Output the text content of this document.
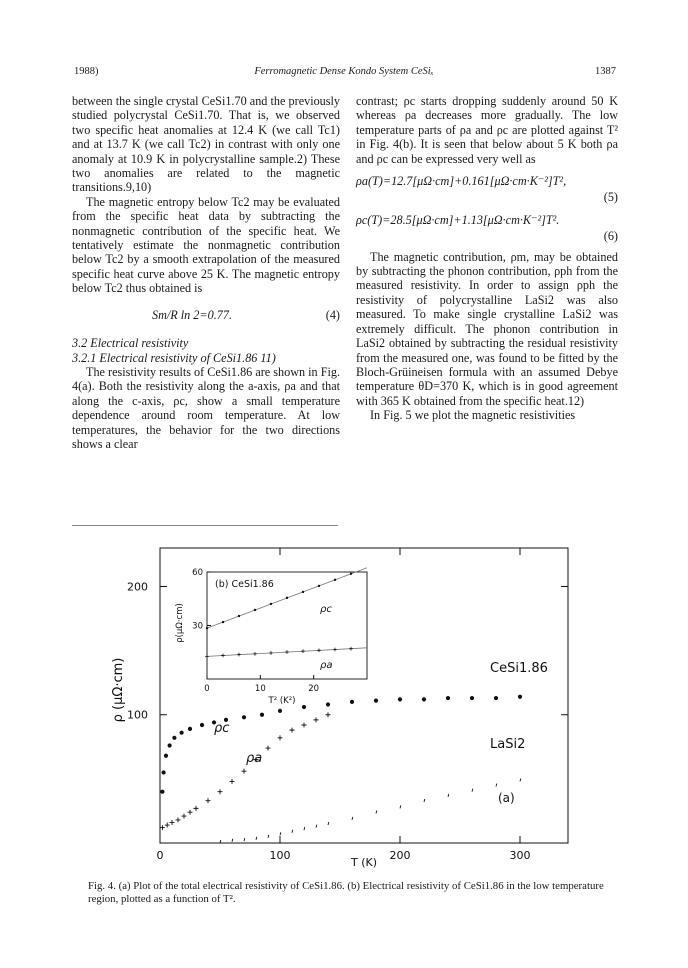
1988)	Ferromagnetic Dense Kondo System CeSiₓ	1387

between the single crystal CeSi1.70 and the previously studied polycrystal CeSi1.70. That is, we observed two specific heat anomalies at 12.4 K (we call Tc1) and at 13.7 K (we call Tc2) in contrast with only one anomaly at 10.9 K in polycrystalline sample.2) These two anomalies are related to the magnetic transitions.9,10)

The magnetic entropy below Tc2 may be evaluated from the specific heat data by subtracting the nonmagnetic contribution of the specific heat. We tentatively estimate the nonmagnetic contribution below Tc2 by a smooth extrapolation of the measured specific heat curve above 25 K. The magnetic entropy below Tc2 thus obtained is

Sm/R ln 2=0.77.	(4)

3.2 Electrical resistivity

3.2.1 Electrical resistivity of CeSi1.86 11)

The resistivity results of CeSi1.86 are shown in Fig. 4(a). Both the resistivity along the a-axis, ρa and that along the c-axis, ρc, show a small temperature dependence around room temperature. At low temperatures, the behavior for the two directions shows a clear

contrast; ρc starts dropping suddenly around 50 K whereas ρa decreases more gradually. The low temperature parts of ρa and ρc are plotted against T² in Fig. 4(b). It is seen that below about 5 K both ρa and ρc can be expressed very well as

ρa(T)=12.7[μΩ·cm]+0.161[μΩ·cm·K⁻²]T²,
(5)
ρc(T)=28.5[μΩ·cm]+1.13[μΩ·cm·K⁻²]T².
(6)

The magnetic contribution, ρm, may be obtained by subtracting the phonon contribution, ρph from the measured resistivity. In order to assign ρph the resistivity of polycrystalline LaSi2 was also measured. To make single crystalline LaSi2 was extremely difficult. The phonon contribution in LaSi2 obtained by subtracting the residual resistivity from the measured one, was found to be fitted by the Bloch-Grüineisen formula with an assumed Debye temperature θD=370 K, which is in good agreement with 365 K obtained from the specific heat.12)

In Fig. 5 we plot the magnetic resistivities

0	100	200	300
100
200
T (K)
ρ (μΩ·cm)	CeSi1.86
LaSi2
(a)
ρc
ρa
(b) CeSi1.86
ρ(μΩ·cm)
T² (K²)
0	10	20
30
60
ρc
ρa
Fig. 4. (a) Plot of the total electrical resistivity of CeSi1.86. (b) Electrical resistivity of CeSi1.86 in the low temperature region, plotted as a function of T².
